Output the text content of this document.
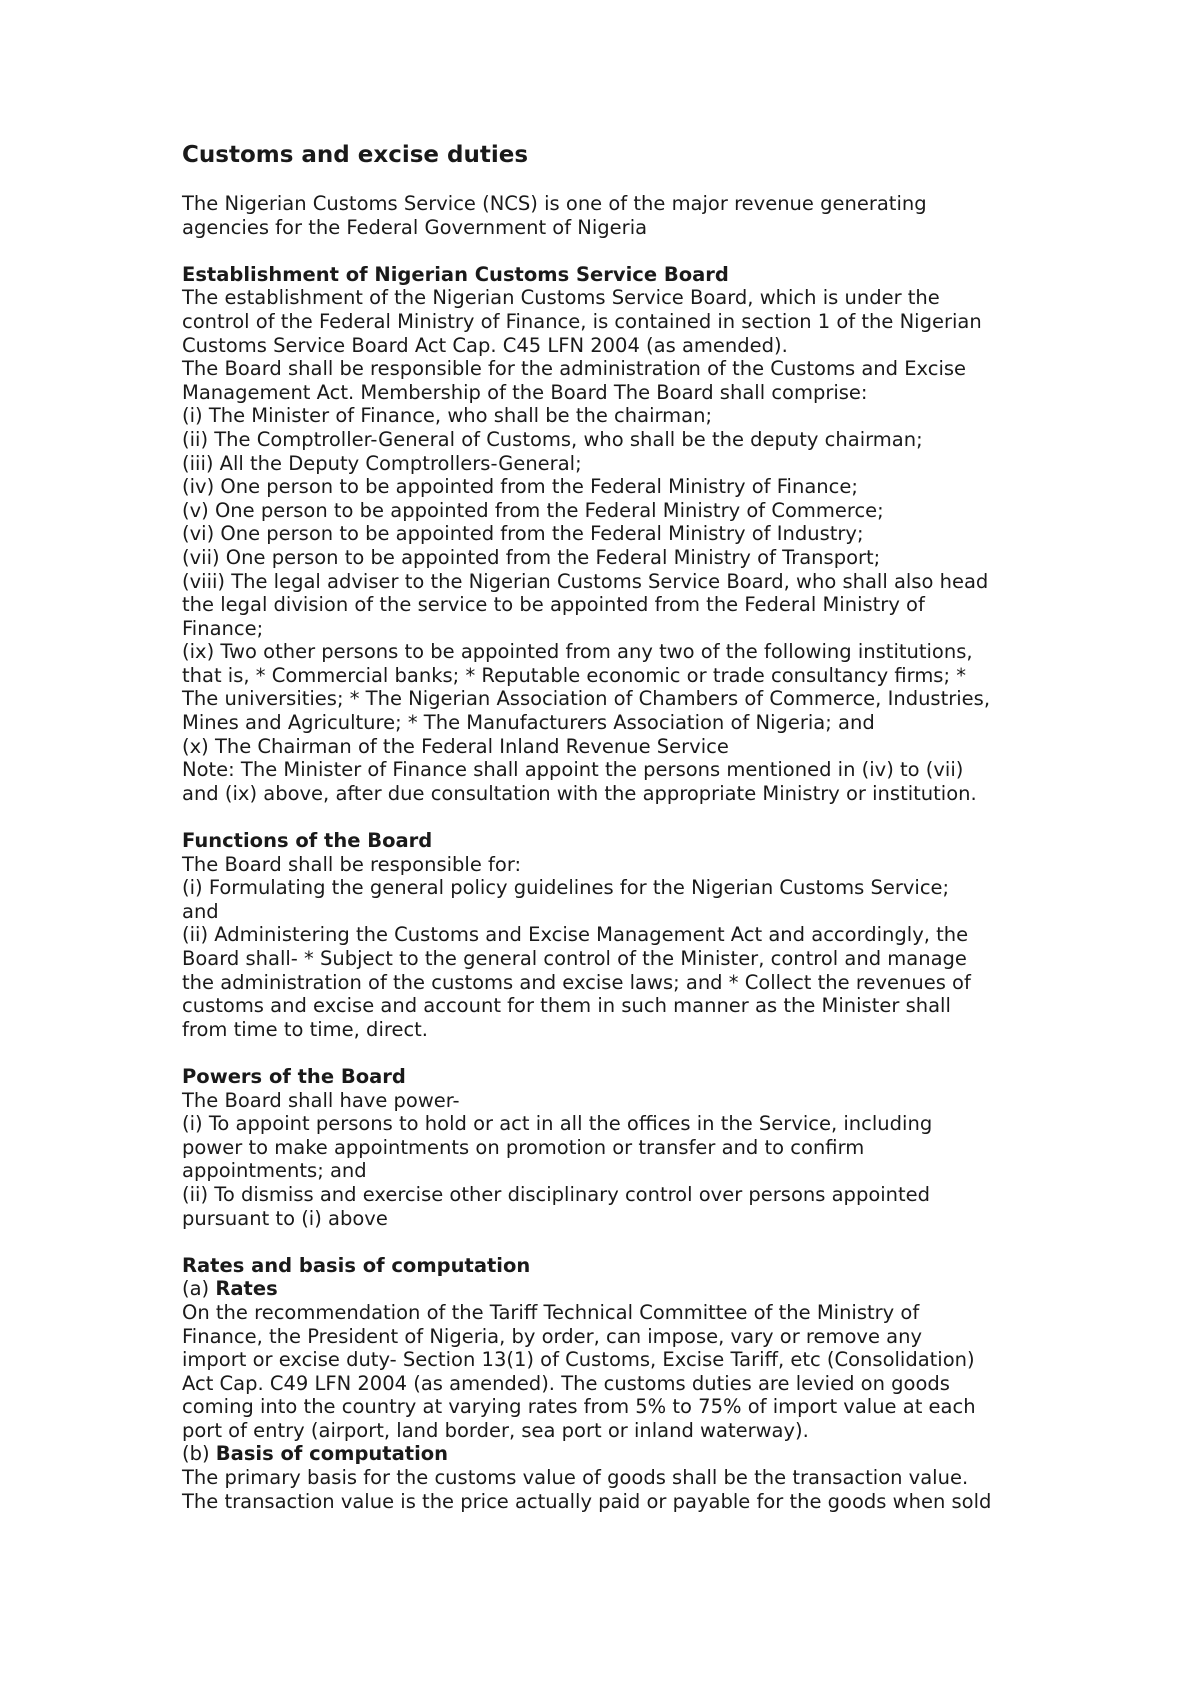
Customs and excise duties
The Nigerian Customs Service (NCS) is one of the major revenue generating
agencies for the Federal Government of Nigeria
Establishment of Nigerian Customs Service Board
The establishment of the Nigerian Customs Service Board, which is under the
control of the Federal Ministry of Finance, is contained in section 1 of the Nigerian
Customs Service Board Act Cap. C45 LFN 2004 (as amended).
The Board shall be responsible for the administration of the Customs and Excise
Management Act. Membership of the Board The Board shall comprise:
(i) The Minister of Finance, who shall be the chairman;
(ii) The Comptroller-General of Customs, who shall be the deputy chairman;
(iii) All the Deputy Comptrollers-General;
(iv) One person to be appointed from the Federal Ministry of Finance;
(v) One person to be appointed from the Federal Ministry of Commerce;
(vi) One person to be appointed from the Federal Ministry of Industry;
(vii) One person to be appointed from the Federal Ministry of Transport;
(viii) The legal adviser to the Nigerian Customs Service Board, who shall also head
the legal division of the service to be appointed from the Federal Ministry of
Finance;
(ix) Two other persons to be appointed from any two of the following institutions,
that is, * Commercial banks; * Reputable economic or trade consultancy firms; *
The universities; * The Nigerian Association of Chambers of Commerce, Industries,
Mines and Agriculture; * The Manufacturers Association of Nigeria; and
(x) The Chairman of the Federal Inland Revenue Service
Note: The Minister of Finance shall appoint the persons mentioned in (iv) to (vii)
and (ix) above, after due consultation with the appropriate Ministry or institution.
Functions of the Board
The Board shall be responsible for:
(i) Formulating the general policy guidelines for the Nigerian Customs Service;
and
(ii) Administering the Customs and Excise Management Act and accordingly, the
Board shall- * Subject to the general control of the Minister, control and manage
the administration of the customs and excise laws; and * Collect the revenues of
customs and excise and account for them in such manner as the Minister shall
from time to time, direct.
Powers of the Board
The Board shall have power-
(i) To appoint persons to hold or act in all the offices in the Service, including
power to make appointments on promotion or transfer and to confirm
appointments; and
(ii) To dismiss and exercise other disciplinary control over persons appointed
pursuant to (i) above
Rates and basis of computation
(a) Rates
On the recommendation of the Tariff Technical Committee of the Ministry of
Finance, the President of Nigeria, by order, can impose, vary or remove any
import or excise duty- Section 13(1) of Customs, Excise Tariff, etc (Consolidation)
Act Cap. C49 LFN 2004 (as amended). The customs duties are levied on goods
coming into the country at varying rates from 5% to 75% of import value at each
port of entry (airport, land border, sea port or inland waterway).
(b) Basis of computation
The primary basis for the customs value of goods shall be the transaction value.
The transaction value is the price actually paid or payable for the goods when sold
